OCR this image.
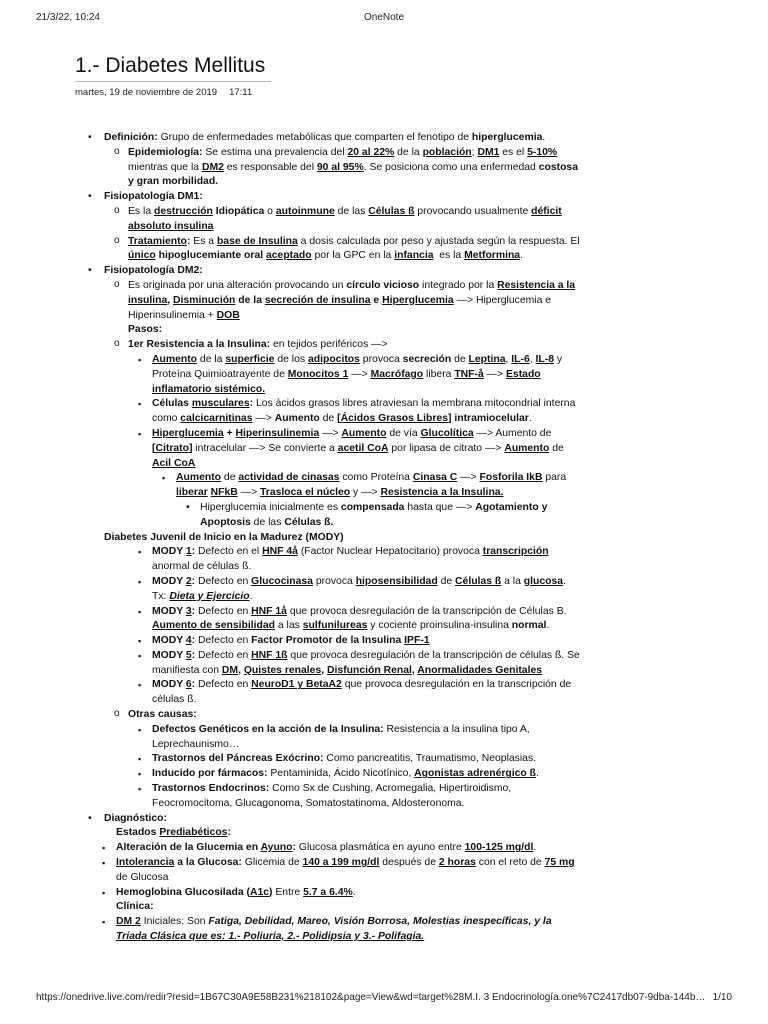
21/3/22, 10:24	OneNote
1.- Diabetes Mellitus
martes, 19 de noviembre de 2019 17:11
• Definición: Grupo de enfermedades metabólicas que comparten el fenotipo de hiperglucemia.
o Epidemiología: Se estima una prevalencia del 20 al 22% de la población; DM1 es el 5-10% mientras que la DM2 es responsable del 90 al 95%. Se posiciona como una enfermedad costosa y gran morbilidad.
• Fisiopatología DM1:
o Es la destrucción Idiopática o autoinmune de las Células ß provocando usualmente déficit absoluto insulina
o Tratamiento: Es a base de Insulina a dosis calculada por peso y ajustada según la respuesta. El único hipoglucemiante oral aceptado por la GPC en la infancia  es la Metformina.
• Fisiopatología DM2:
o Es originada por una alteración provocando un círculo vicioso integrado por la Resistencia a la insulina, Disminución de la secreción de insulina e Hiperglucemia —> Hiperglucemia e Hiperinsulinemia + DOB
Pasos:
o 1er Resistencia a la Insulina: en tejidos periféricos —>
▪ Aumento de la superficie de los adipocitos provoca secreción de Leptina, IL-6, IL-8 y Proteína Quimioatrayente de Monocitos 1 —> Macrófago libera TNF-å —> Estado inflamatorio sistémico.
▪ Células musculares: Los ácidos grasos libres atraviesan la membrana mitocondrial interna como calcicarnitinas —> Aumento de [Ácidos Grasos Libres] intramiocelular.
▪ Hiperglucemia + Hiperinsulinemia —> Aumento de vía Glucolítica —> Aumento de [Citrato] intracelular —> Se convierte a acetil CoA por lipasa de citrato —> Aumento de Acil CoA
▪ Aumento de actividad de cinasas como Proteína Cinasa C —> Fosforila IkB para liberar NFkB —> Trasloca el núcleo y —> Resistencia a la Insulina.
• Hiperglucemia inicialmente es compensada hasta que —> Agotamiento y Apoptosis de las Células ß.
Diabetes Juvenil de Inicio en la Madurez (MODY)
▪ MODY 1: Defecto en el HNF 4å (Factor Nuclear Hepatocitario) provoca transcripción anormal de células ß.
▪ MODY 2: Defecto en Glucocinasa provoca hiposensibilidad de Células ß a la glucosa. Tx: Dieta y Ejercicio.
▪ MODY 3: Defecto en HNF 1å que provoca desregulación de la transcripción de Células B. Aumento de sensibilidad a las sulfunilureas y cociente proinsulina-insulina normal.
▪ MODY 4: Defecto en Factor Promotor de la Insulina IPF-1
▪ MODY 5: Defecto en HNF 1ß que provoca desregulación de la transcripción de células ß. Se manifiesta con DM, Quistes renales, Disfunción Renal, Anormalidades Genitales
▪ MODY 6: Defecto en NeuroD1 y BetaA2 que provoca desregulación en la transcripción de células ß.
o Otras causas:
▪ Defectos Genéticos en la acción de la Insulina: Resistencia a la insulina tipo A, Leprechaunismo…
▪ Trastornos del Páncreas Exócrino: Como pancreatitis, Traumatismo, Neoplasias.
▪ Inducido por fármacos: Pentaminida, Ácido Nicotínico, Agonistas adrenérgico ß.
▪ Trastornos Endocrinos: Como Sx de Cushing, Acromegalia, Hipertiroidismo, Feocromocitoma, Glucagonoma, Somatostatinoma, Aldosteronoma.
• Diagnóstico:
Estados Prediabéticos:
▪ Alteración de la Glucemia en Ayuno: Glucosa plasmática en ayuno entre 100-125 mg/dl.
▪ Intolerancia a la Glucosa: Glicemia de 140 a 199 mg/dl después de 2 horas con el reto de 75 mg de Glucosa
▪ Hemoglobina Glucosilada (A1c) Entre 5.7 a 6.4%.
Clínica:
▪ DM 2 Iniciales: Son Fatiga, Debilidad, Mareo, Visión Borrosa, Molestias inespecíficas, y la Tríada Clásica que es: 1.- Poliuria, 2.- Polidipsia y 3.- Polifagia.
https://onedrive.live.com/redir?resid=1B67C30A9E58B231%218102&page=View&wd=target%28M.I. 3 Endocrinología.one%7C2417db07-9dba-144b… 1/10
